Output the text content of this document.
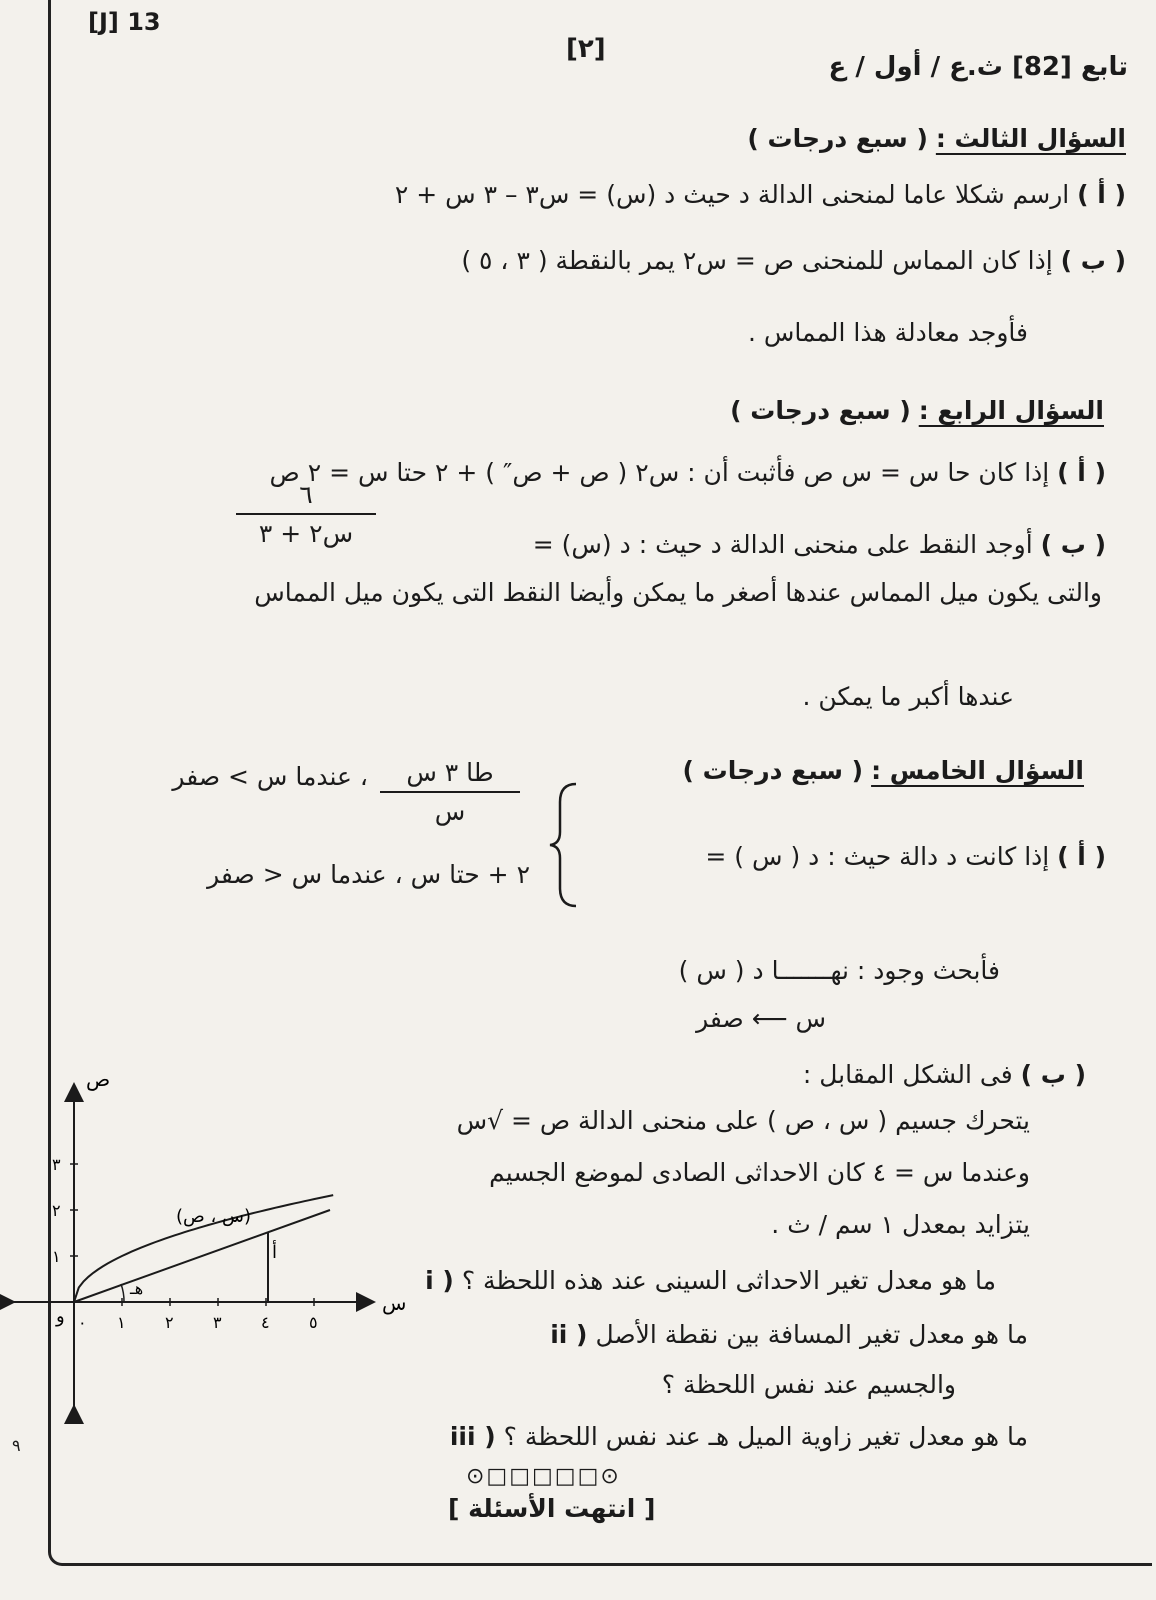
[J] 13
[٢]
تابع [82] ث.ع / أول / ع
السؤال الثالث : ( سبع درجات )
( أ ) ارسم شكلا عاما لمنحنى الدالة د حيث د (س) = س٣ – ٣ س + ٢
( ب ) إذا كان المماس للمنحنى ص = س٢ يمر بالنقطة ( ٣ ، ٥ )
فأوجد معادلة هذا المماس .
السؤال الرابع : ( سبع درجات )
( أ ) إذا كان حا س = س ص فأثبت أن : س٢ ( ص + ص″ ) + ٢ حتا س = ٢ ص
( ب ) أوجد النقط على منحنى الدالة د حيث : د (س) =
٦
س٢ + ٣
والتى يكون ميل المماس عندها أصغر ما يمكن وأيضا النقط التى يكون ميل المماس
عندها أكبر ما يمكن .
السؤال الخامس : ( سبع درجات )
( أ ) إذا كانت د دالة حيث : د ( س ) =
طا ٣ س
س
، عندما س > صفر
٢ + حتا س ، عندما س < صفر
فأبحث وجود : نهـــــــا د ( س )
س ⟵ صفر
( ب ) فى الشكل المقابل :
يتحرك جسيم ( س ، ص ) على منحنى الدالة ص = √س
وعندما س = ٤ كان الاحداثى الصادى لموضع الجسيم
يتزايد بمعدل ١ سم / ث .
i ) ما هو معدل تغير الاحداثى السينى عند هذه اللحظة ؟
ii ) ما هو معدل تغير المسافة بين نقطة الأصل
والجسيم عند نفس اللحظة ؟
iii ) ما هو معدل تغير زاوية الميل هـ عند نفس اللحظة ؟
٠ ١ ٢ ٣ ٤ ٥
١
٢
٣
ص
س
و
(س ، ص)
أ
هـ
⊙□□□□□⊙
[ انتهت الأسئلة ]
٩
